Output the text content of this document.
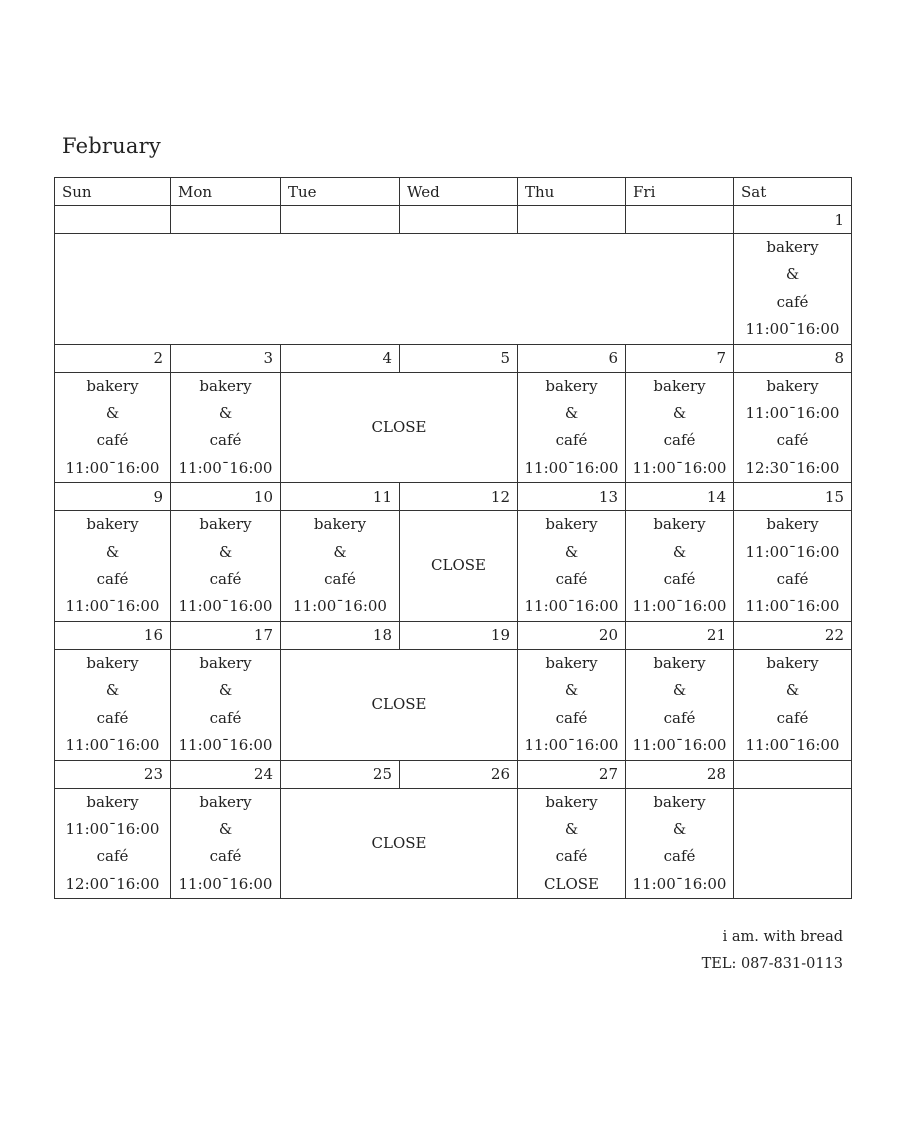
February
Sun	Mon	Tue	Wed	Thu	Fri	Sat
						1

						bakery
&
café
11:00ˉ16:00

2	3	4	5	6	7	8

bakery
&
café
11:00ˉ16:00	bakery
&
café
11:00ˉ16:00	CLOSE		bakery
&
café
11:00ˉ16:00	bakery
&
café
11:00ˉ16:00	bakery
11:00ˉ16:00
café
12:30ˉ16:00

9	10	11	12	13	14	15

bakery
&
café
11:00ˉ16:00	bakery
&
café
11:00ˉ16:00	bakery
&
café
11:00ˉ16:00	CLOSE	bakery
&
café
11:00ˉ16:00	bakery
&
café
11:00ˉ16:00	bakery
11:00ˉ16:00
café
11:00ˉ16:00

16	17	18	19	20	21	22

bakery
&
café
11:00ˉ16:00	bakery
&
café
11:00ˉ16:00	CLOSE		bakery
&
café
11:00ˉ16:00	bakery
&
café
11:00ˉ16:00	bakery
&
café
11:00ˉ16:00

23	24	25	26	27	28	

bakery
11:00ˉ16:00
café
12:00ˉ16:00	bakery
&
café
11:00ˉ16:00	CLOSE		bakery
&
café
CLOSE	bakery
&
café
11:00ˉ16:00	

i am. with bread
TEL: 087-831-0113
